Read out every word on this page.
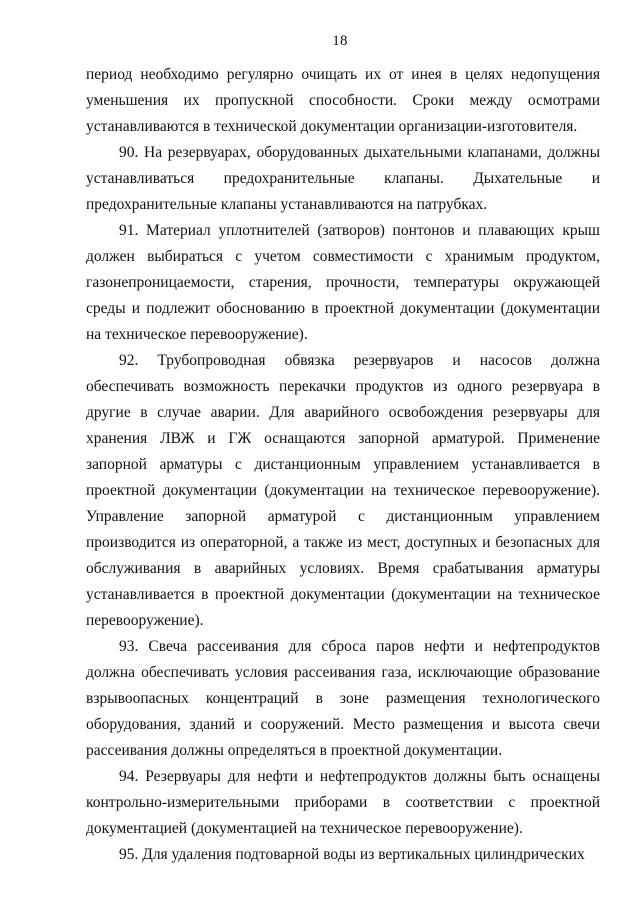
18

период необходимо регулярно очищать их от инея в целях недопущения уменьшения их пропускной способности. Сроки между осмотрами устанавливаются в технической документации организации-изготовителя.

90. На резервуарах, оборудованных дыхательными клапанами, должны устанавливаться предохранительные клапаны. Дыхательные и предохранительные клапаны устанавливаются на патрубках.

91. Материал уплотнителей (затворов) понтонов и плавающих крыш должен выбираться с учетом совместимости с хранимым продуктом, газонепроницаемости, старения, прочности, температуры окружающей среды и подлежит обоснованию в проектной документации (документации на техническое перевооружение).

92. Трубопроводная обвязка резервуаров и насосов должна обеспечивать возможность перекачки продуктов из одного резервуара в другие в случае аварии. Для аварийного освобождения резервуары для хранения ЛВЖ и ГЖ оснащаются запорной арматурой. Применение запорной арматуры с дистанционным управлением устанавливается в проектной документации (документации на техническое перевооружение). Управление запорной арматурой с дистанционным управлением производится из операторной, а также из мест, доступных и безопасных для обслуживания в аварийных условиях. Время срабатывания арматуры устанавливается в проектной документации (документации на техническое перевооружение).

93. Свеча рассеивания для сброса паров нефти и нефтепродуктов должна обеспечивать условия рассеивания газа, исключающие образование взрывоопасных концентраций в зоне размещения технологического оборудования, зданий и сооружений. Место размещения и высота свечи рассеивания должны определяться в проектной документации.

94. Резервуары для нефти и нефтепродуктов должны быть оснащены контрольно-измерительными приборами в соответствии с проектной документацией (документацией на техническое перевооружение).

95. Для удаления подтоварной воды из вертикальных цилиндрических
